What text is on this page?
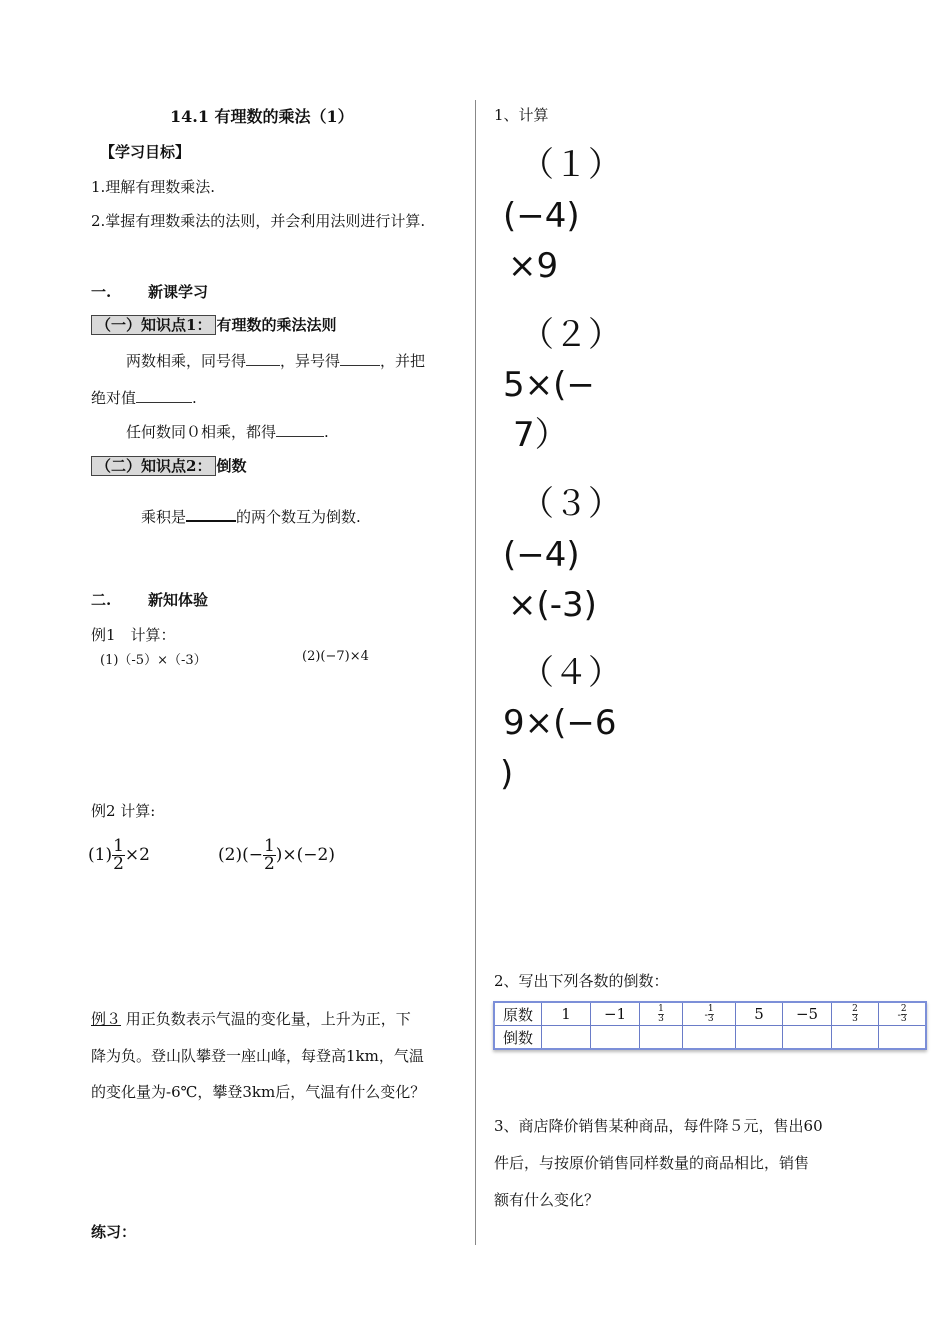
14.1 有理数的乘法（1）
【学习目标】
1.理解有理数乘法.
2.掌握有理数乘法的法则，并会利用法则进行计算.
一. 新课学习
（一）知识点1： 有理数的乘法法则
两数相乘，同号得 ，异号得	，并把
绝对值	.
任何数同０相乘，都得	.
（二）知识点2： 倒数
乘积是	的两个数互为倒数.
二. 新知体验
例1　计算：
(1)（-5）×（-3）	(2)(−7)×4
例2 计算:
$(1) \frac{1}{2} \times 2$	$(2)(- \frac{1}{2} )\times(-2)$
例３ 用正负数表示气温的变化量，上升为正，下
降为负。登山队攀登一座山峰，每登高1km，气温
的变化量为-6℃，攀登3km后，气温有什么变化？
练习：
1、计算
（１）
(−4)
×9
（２）
5×(−
7）
（３）
(−4)
×(-3)
（４）
9×(−6
)
2、写出下列各数的倒数：
原数	1	−1	$\frac{1}{3}$	- $\frac{1}{3}$	5	−5	$\frac{2}{3}$	- $\frac{2}{3}$

倒数								
3、商店降价销售某种商品，每件降５元，售出60
件后，与按原价销售同样数量的商品相比，销售
额有什么变化？
